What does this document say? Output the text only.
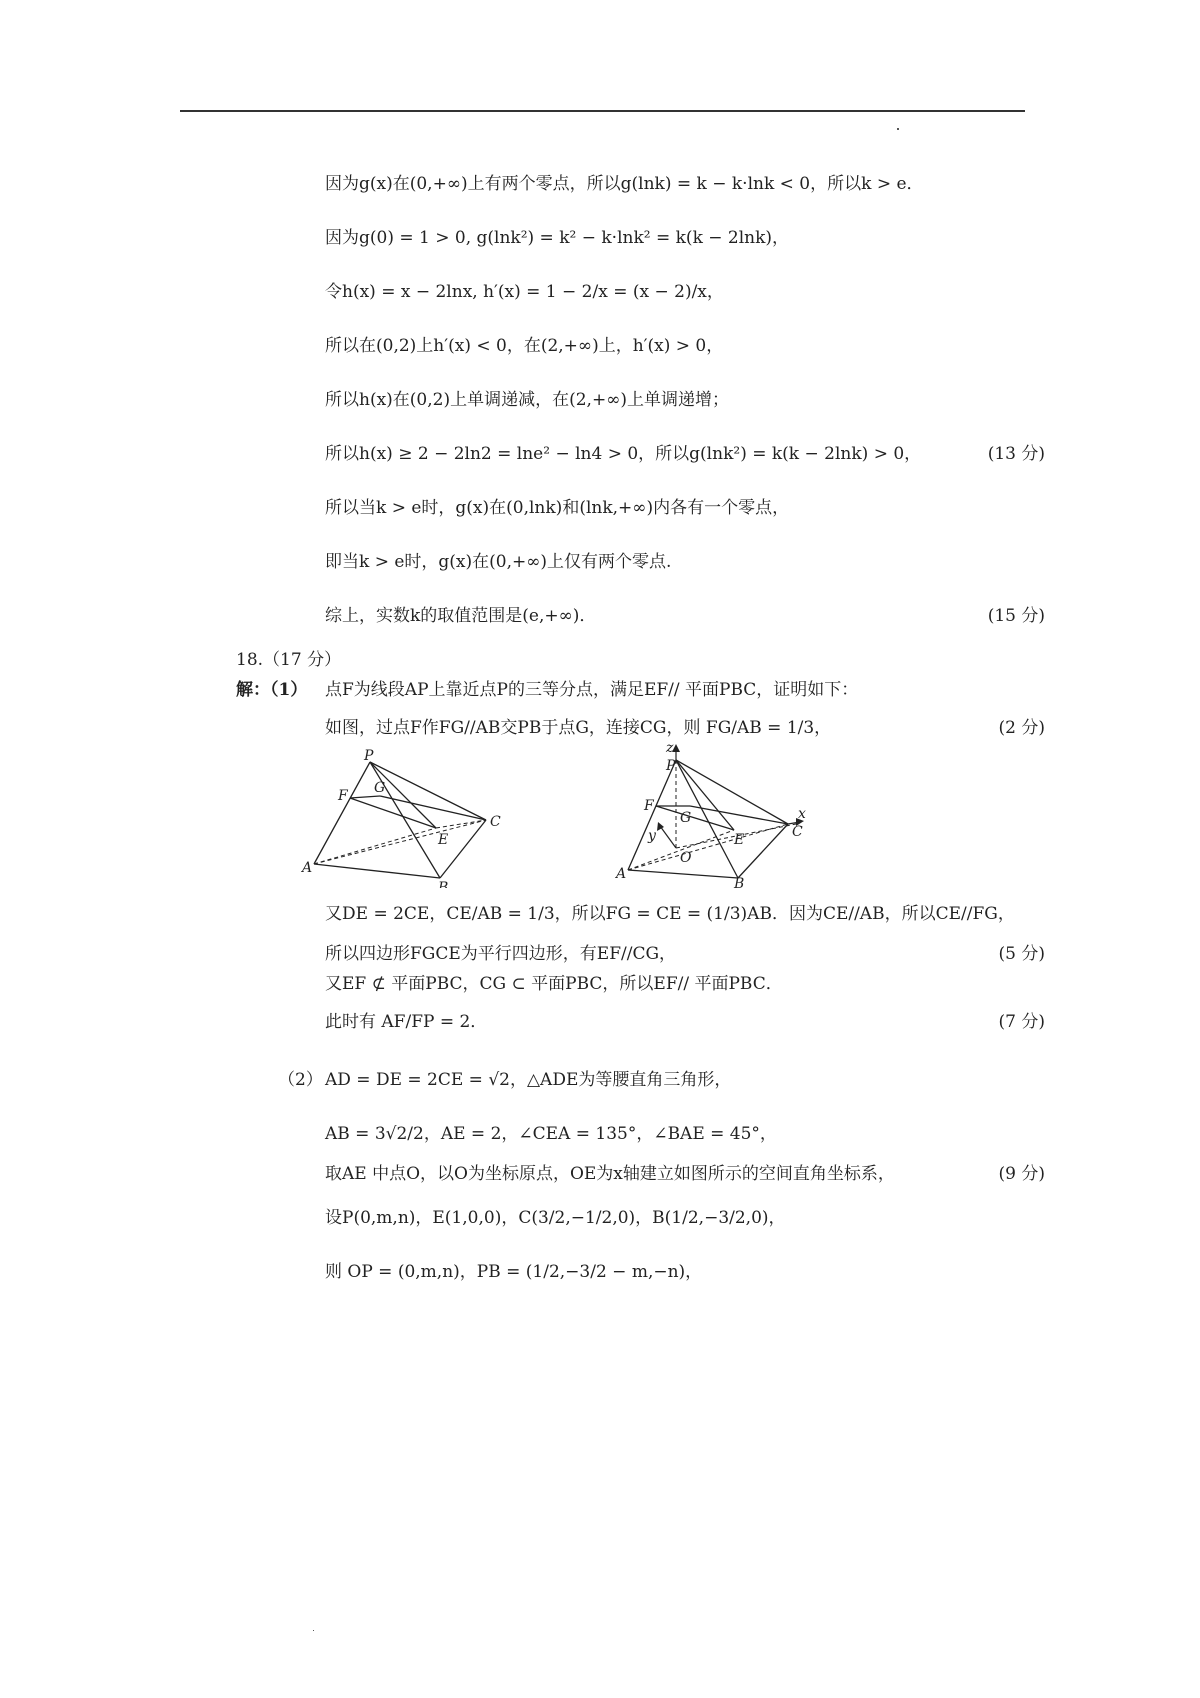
因为g(x)在(0,+∞)上有两个零点，所以g(lnk) = k − k·lnk < 0，所以k > e．
因为g(0) = 1 > 0, g(lnk²) = k² − k·lnk² = k(k − 2lnk)，
令h(x) = x − 2lnx, h′(x) = 1 − 2/x = (x − 2)/x，
所以在(0,2)上h′(x) < 0，在(2,+∞)上，h′(x) > 0，
所以h(x)在(0,2)上单调递减，在(2,+∞)上单调递增；
所以h(x) ≥ 2 − 2ln2 = lne² − ln4 > 0，所以g(lnk²) = k(k − 2lnk) > 0，	(13 分)
所以当k > e时，g(x)在(0,lnk)和(lnk,+∞)内各有一个零点，
即当k > e时，g(x)在(0,+∞)上仅有两个零点.
综上，实数k的取值范围是(e,+∞)．	(15 分)
18.（17 分）
解：（1） 点F为线段AP上靠近点P的三等分点，满足EF// 平面PBC，证明如下：
如图，过点F作FG//AB交PB于点G，连接CG，则 FG/AB = 1/3，	(2 分)
P
F G
C
E
A
B
z
P
F
G
E
x
C
y
O
A
B
又DE = 2CE，CE/AB = 1/3，所以FG = CE = (1/3)AB．因为CE//AB，所以CE//FG，
所以四边形FGCE为平行四边形，有EF//CG，	(5 分)
又EF ⊄ 平面PBC，CG ⊂ 平面PBC，所以EF// 平面PBC．
此时有 AF/FP = 2．	(7 分)
（2） AD = DE = 2CE = √2，△ADE为等腰直角三角形，
AB = 3√2/2，AE = 2，∠CEA = 135°，∠BAE = 45°，
取AE 中点O，以O为坐标原点，OE为x轴建立如图所示的空间直角坐标系，	(9 分)
设P(0,m,n)，E(1,0,0)，C(3/2,−1/2,0)，B(1/2,−3/2,0)，
则 OP = (0,m,n)，PB = (1/2,−3/2 − m,−n)，
